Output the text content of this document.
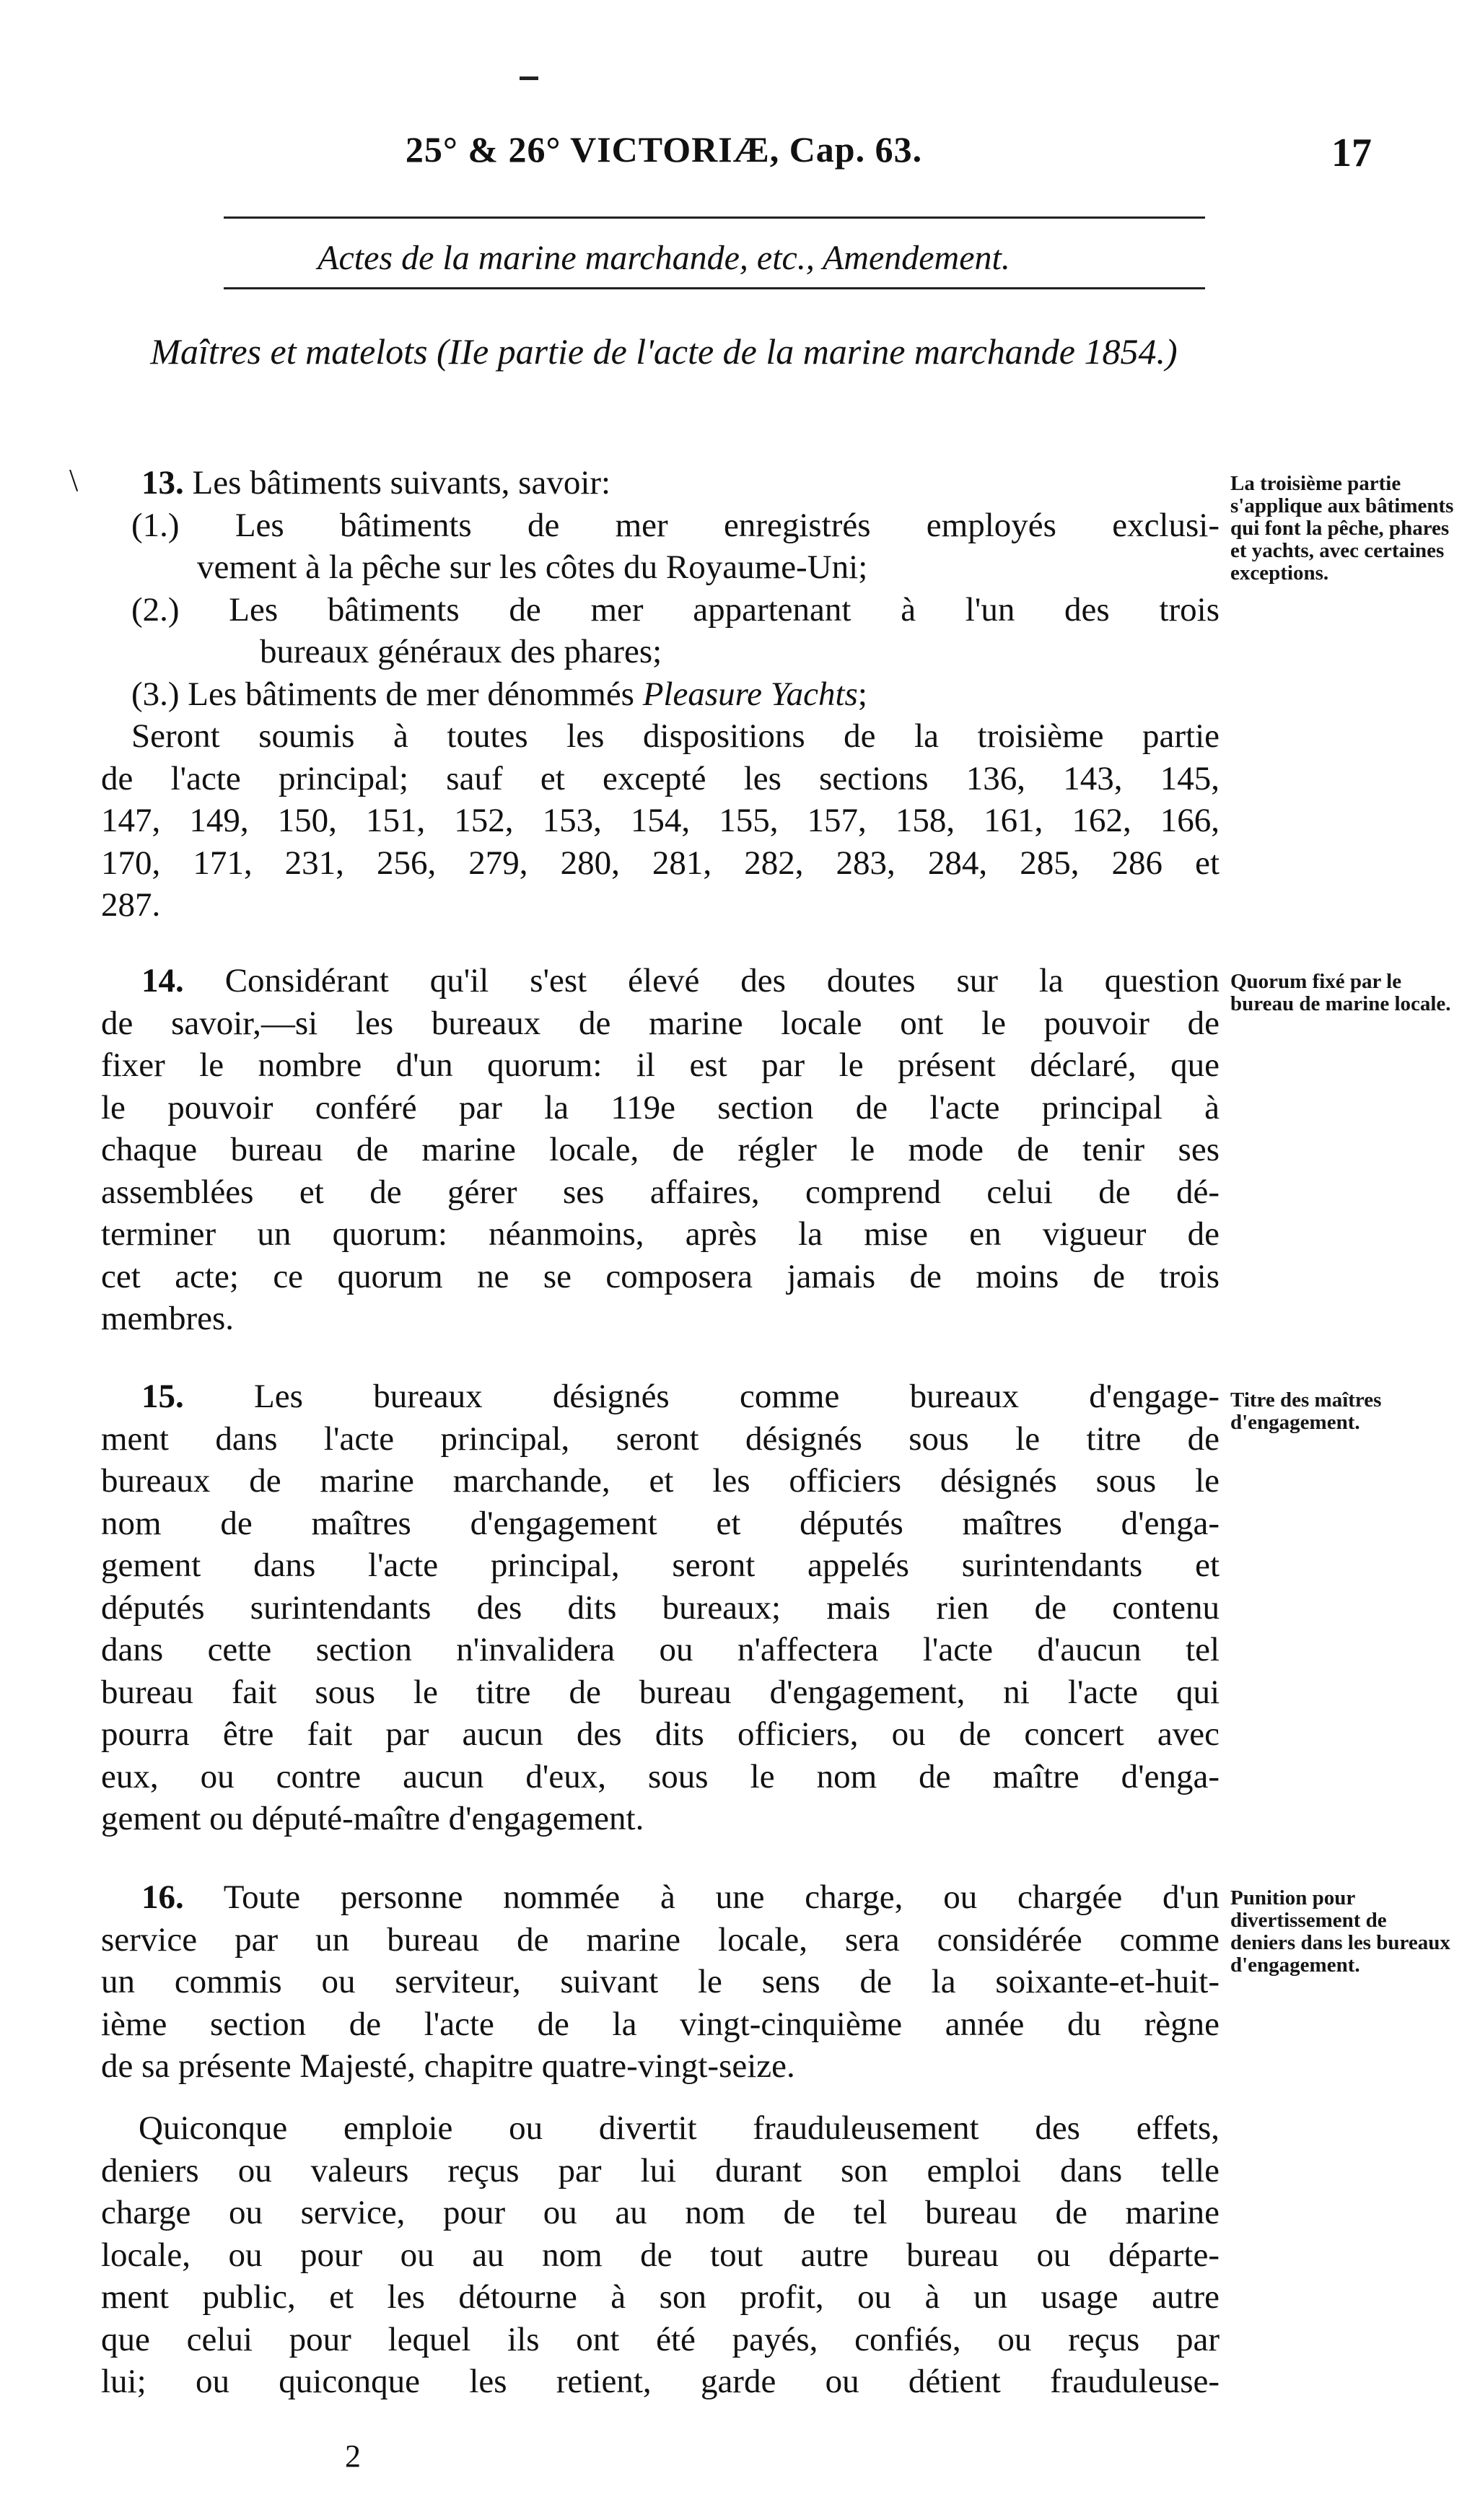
25° & 26° VICTORIÆ, Cap. 63.	17
Actes de la marine marchande, etc., Amendement.
Maîtres et matelots (IIe partie de l'acte de la marine marchande 1854.)
\	13. Les bâtiments suivants, savoir:

(1.) Les bâtiments de mer enregistrés employés exclusi-

vement à la pêche sur les côtes du Royaume-Uni;

(2.) Les bâtiments de mer appartenant à l'un des trois

bureaux généraux des phares;

(3.) Les bâtiments de mer dénommés Pleasure Yachts;

Seront soumis à toutes les dispositions de la troisième partie

de l'acte principal; sauf et excepté les sections 136, 143, 145,

147, 149, 150, 151, 152, 153, 154, 155, 157, 158, 161, 162, 166,

170, 171, 231, 256, 279, 280, 281, 282, 283, 284, 285, 286 et

287.

La troisième partie s'applique aux bâtiments qui font la pêche, phares et yachts, avec certaines exceptions.

14. Considérant qu'il s'est élevé des doutes sur la question

de savoir,—si les bureaux de marine locale ont le pouvoir de

fixer le nombre d'un quorum: il est par le présent déclaré, que

le pouvoir conféré par la 119e section de l'acte principal à

chaque bureau de marine locale, de régler le mode de tenir ses

assemblées et de gérer ses affaires, comprend celui de dé-

terminer un quorum: néanmoins, après la mise en vigueur de

cet acte; ce quorum ne se composera jamais de moins de trois

membres.

Quorum fixé par le bureau de marine locale.

15. Les bureaux désignés comme bureaux d'engage-

ment dans l'acte principal, seront désignés sous le titre de

bureaux de marine marchande, et les officiers désignés sous le

nom de maîtres d'engagement et députés maîtres d'enga-

gement dans l'acte principal, seront appelés surintendants et

députés surintendants des dits bureaux; mais rien de contenu

dans cette section n'invalidera ou n'affectera l'acte d'aucun tel

bureau fait sous le titre de bureau d'engagement, ni l'acte qui

pourra être fait par aucun des dits officiers, ou de concert avec

eux, ou contre aucun d'eux, sous le nom de maître d'enga-

gement ou député-maître d'engagement.

Titre des maîtres d'engagement.

16. Toute personne nommée à une charge, ou chargée d'un

service par un bureau de marine locale, sera considérée comme

un commis ou serviteur, suivant le sens de la soixante-et-huit-

ième section de l'acte de la vingt-cinquième année du règne

de sa présente Majesté, chapitre quatre-vingt-seize.

Punition pour divertissement de deniers dans les bureaux d'engagement.

Quiconque emploie ou divertit frauduleusement des effets,

deniers ou valeurs reçus par lui durant son emploi dans telle

charge ou service, pour ou au nom de tel bureau de marine

locale, ou pour ou au nom de tout autre bureau ou départe-

ment public, et les détourne à son profit, ou à un usage autre

que celui pour lequel ils ont été payés, confiés, ou reçus par

lui; ou quiconque les retient, garde ou détient frauduleuse-

2
